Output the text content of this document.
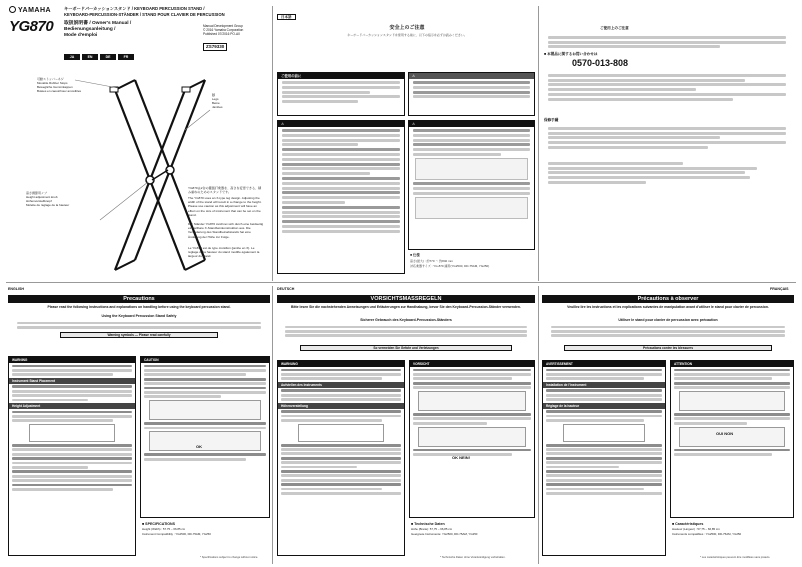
YAMAHA
YG870
キーボードパーカッションスタンド / KEYBOARD PERCUSSION STAND /
KEYBOARD-PERCUSSION-STÄNDER / STAND POUR CLAVIER DE PERCUSSION
取扱説明書 / Owner's Manual /
Bedienungsanleitung /
Mode d'emploi
Manual Development Group
© 2016 Yamaha Corporation
Published 07/2016 PO-A0
ZS79330
JA	EN	DE	FR
可動ストッパーネジ
Movable Rubber Stops
Bewegliche Gummikappen
Butées en caoutchouc amovibles
脚
Legs
Beine
Jambes
高さ調節用ノブ
Height adjustment knob
Höhenverstellknopf
Molette de réglage de la hauteur
YG870は2台の鍵盤打楽器を、高さを変更できる、積み重ねのためのスタンドです。
The YG870 uses an X-type leg design. Adjusting the width of the stand will result in a change to the height. Please use caution as this adjustment will have an effect on the size of instrument that can be set on the stand.
Der Ständer YG870 zeichnet sich durch eine beidseitig einstellbare X-Standbeinkonstruktion aus. Die Veränderung des Standbeinabstands hat eine Änderung der Höhe zur Folge.
Le YG870 est de type croisillon (jambe en X). Le réglage de la hauteur du stand modifie également la largeur du stand.
日本語
安全上のご注意
キーボードパーカッションスタンドを使用する前に、以下の指示を必ずお読みください。
ご使用の前に	⚠
⚠	⚠
■ 仕様
高さ(最大) : 約770 ～ 約840 mm
対応楽器サイズ : YG-870 適用(YG2500, DD-75AM, YG250)
ご使用上のご注意
■ 本製品に関するお問い合わせは
0570-013-808
保修手續
ENGLISH
Precautions
Please read the following instructions and explanations on handling before using the keyboard percussion stand.
Using the Keyboard Percussion Stand Safely
Warning symbols — Please read carefully
WARNING
Instrument Stand Placement
Height Adjustment
CAUTION
OK
■ SPECIFICATIONS
Height (Width) : 57.75 – 66.85 cm
Instrument Compatibility : YG2500, DD-75AM, YG250
* Specifications subject to change without notice.
DEUTSCH
VORSICHTSMASSREGELN
Bitte lesen Sie die nachstehenden Anweisungen und Erläuterungen zur Handhabung, bevor Sie den Keyboard-Percussion-Ständer verwenden.
Sicherer Gebrauch des Keyboard-Percussion-Ständers
So vermeiden Sie Gefahr und Verletzungen
WARNUNG
Aufstellen des Instruments
Höhenverstellung
VORSICHT
OK NEIN!
■ Technische Daten
Höhe (Breite): 57,75 – 66,85 cm
Geeignete Instrumente: YG2500, DD-75AM, YG250
* Technische Daten ohne Vorankündigung vorbehalten.
FRANÇAIS
Précautions à observer
Veuillez lire les instructions et les explications suivantes de manipulation avant d'utiliser le stand pour clavier de percussion.
Utiliser le stand pour clavier de percussion avec précaution
Précautions contre les blessures
AVERTISSEMENT
Installation de l'instrument
Réglage de la hauteur
ATTENTION
OUI NON
■ Caractéristiques
Hauteur (Largeur) : 57,75 – 66,85 cm
Instruments compatibles : YG2500, DD-75AM, YG250
* Les caractéristiques peuvent être modifiées sans préavis.
